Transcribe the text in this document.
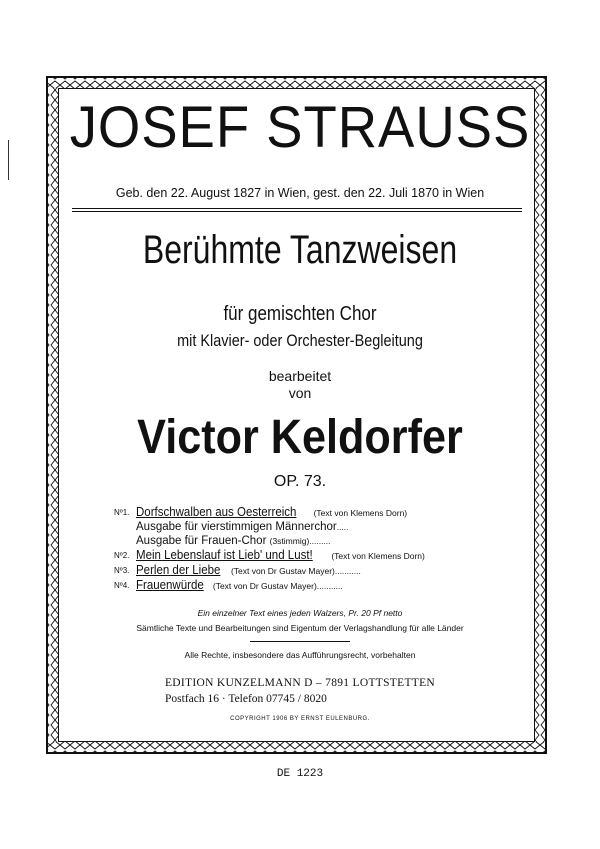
JOSEF STRAUSS
Geb. den 22. August 1827 in Wien, gest. den 22. Juli 1870 in Wien
Berühmte Tanzweisen
für gemischten Chor
mit Klavier- oder Orchester-Begleitung
bearbeitet
von
Victor Keldorfer
OP. 73.
Nº1. Dorfschwalben aus Oesterreich (Text von Klemens Dorn)
Ausgabe für vierstimmigen Männerchor.....
Ausgabe für Frauen-Chor (3stimmig).........
Nº2. Mein Lebenslauf ist Lieb' und Lust! (Text von Klemens Dorn)
Nº3. Perlen der Liebe (Text von Dr Gustav Mayer)...........
Nº4. Frauenwürde (Text von Dr Gustav Mayer)...........
Ein einzelner Text eines jeden Walzers, Pr. 20 Pf netto
Sämtliche Texte und Bearbeitungen sind Eigentum der Verlagshandlung für alle Länder
Alle Rechte, insbesondere das Aufführungsrecht, vorbehalten
EDITION KUNZELMANN D – 7891 LOTTSTETTEN
Postfach 16 · Telefon 07745 / 8020
COPYRIGHT 1906 BY ERNST EULENBURG.
DE 1223
